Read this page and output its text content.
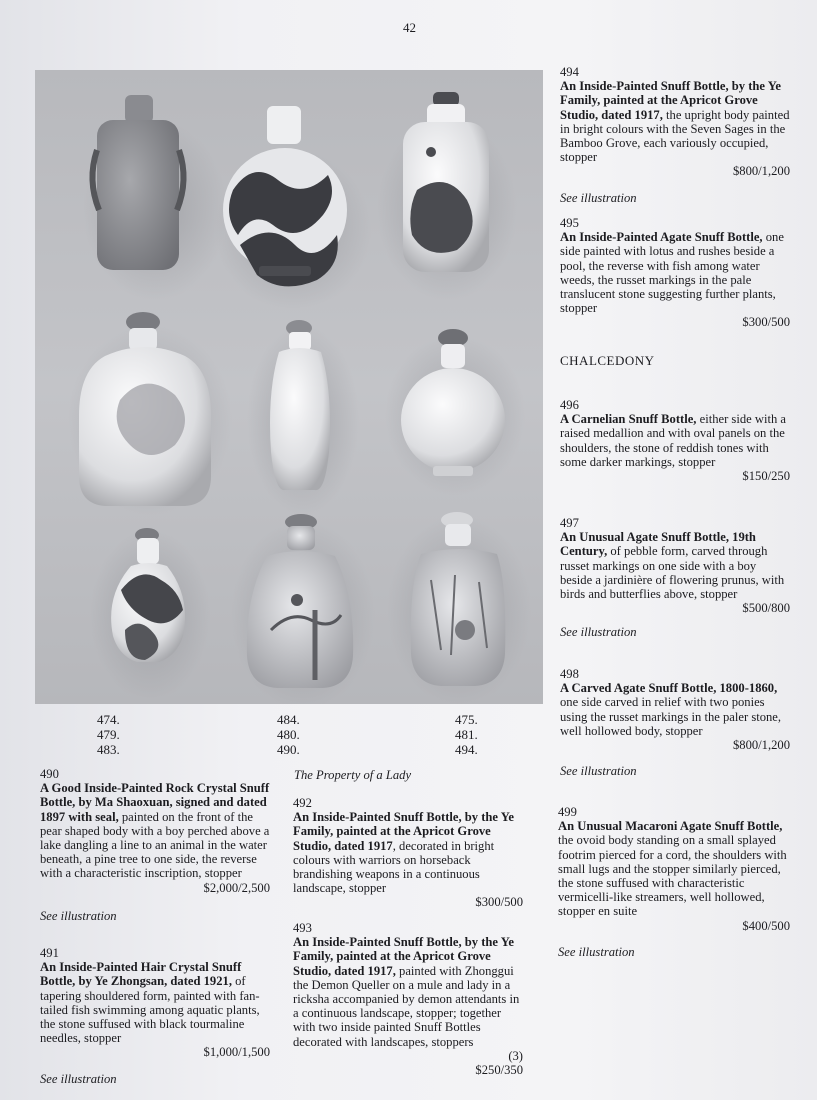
42
474.	484.	475.
479.	480.	481.
483.	490.	494.
490
A Good Inside-Painted Rock Crystal Snuff Bottle, by Ma Shaoxuan, signed and dated 1897 with seal, painted on the front of the pear shaped body with a boy perched above a lake dangling a line to an animal in the water beneath, a pine tree to one side, the reverse with a characteristic inscription, stopper
$2,000/2,500
See illustration
491
An Inside-Painted Hair Crystal Snuff Bottle, by Ye Zhongsan, dated 1921, of tapering shouldered form, painted with fan-tailed fish swimming among aquatic plants, the stone suffused with black tourmaline needles, stopper
$1,000/1,500
See illustration
The Property of a Lady
492
An Inside-Painted Snuff Bottle, by the Ye Family, painted at the Apricot Grove Studio, dated 1917, decorated in bright colours with warriors on horseback brandishing weapons in a continuous landscape, stopper
$300/500
493
An Inside-Painted Snuff Bottle, by the Ye Family, painted at the Apricot Grove Studio, dated 1917, painted with Zhonggui the Demon Queller on a mule and lady in a ricksha accompanied by demon attendants in a continuous landscape, stopper; together with two inside painted Snuff Bottles decorated with landscapes, stoppers
(3)
$250/350
494
An Inside-Painted Snuff Bottle, by the Ye Family, painted at the Apricot Grove Studio, dated 1917, the upright body painted in bright colours with the Seven Sages in the Bamboo Grove, each variously occupied, stopper
$800/1,200
See illustration
495
An Inside-Painted Agate Snuff Bottle, one side painted with lotus and rushes beside a pool, the reverse with fish among water weeds, the russet markings in the pale translucent stone suggesting further plants, stopper
$300/500
CHALCEDONY
496
A Carnelian Snuff Bottle, either side with a raised medallion and with oval panels on the shoulders, the stone of reddish tones with some darker markings, stopper
$150/250
497
An Unusual Agate Snuff Bottle, 19th Century, of pebble form, carved through russet markings on one side with a boy beside a jardinière of flowering prunus, with birds and butterflies above, stopper
$500/800
See illustration
498
A Carved Agate Snuff Bottle, 1800-1860, one side carved in relief with two ponies using the russet markings in the paler stone, well hollowed body, stopper
$800/1,200
See illustration
499
An Unusual Macaroni Agate Snuff Bottle, the ovoid body standing on a small splayed footrim pierced for a cord, the shoulders with small lugs and the stopper similarly pierced, the stone suffused with characteristic vermicelli-like streamers, well hollowed, stopper en suite
$400/500
See illustration
